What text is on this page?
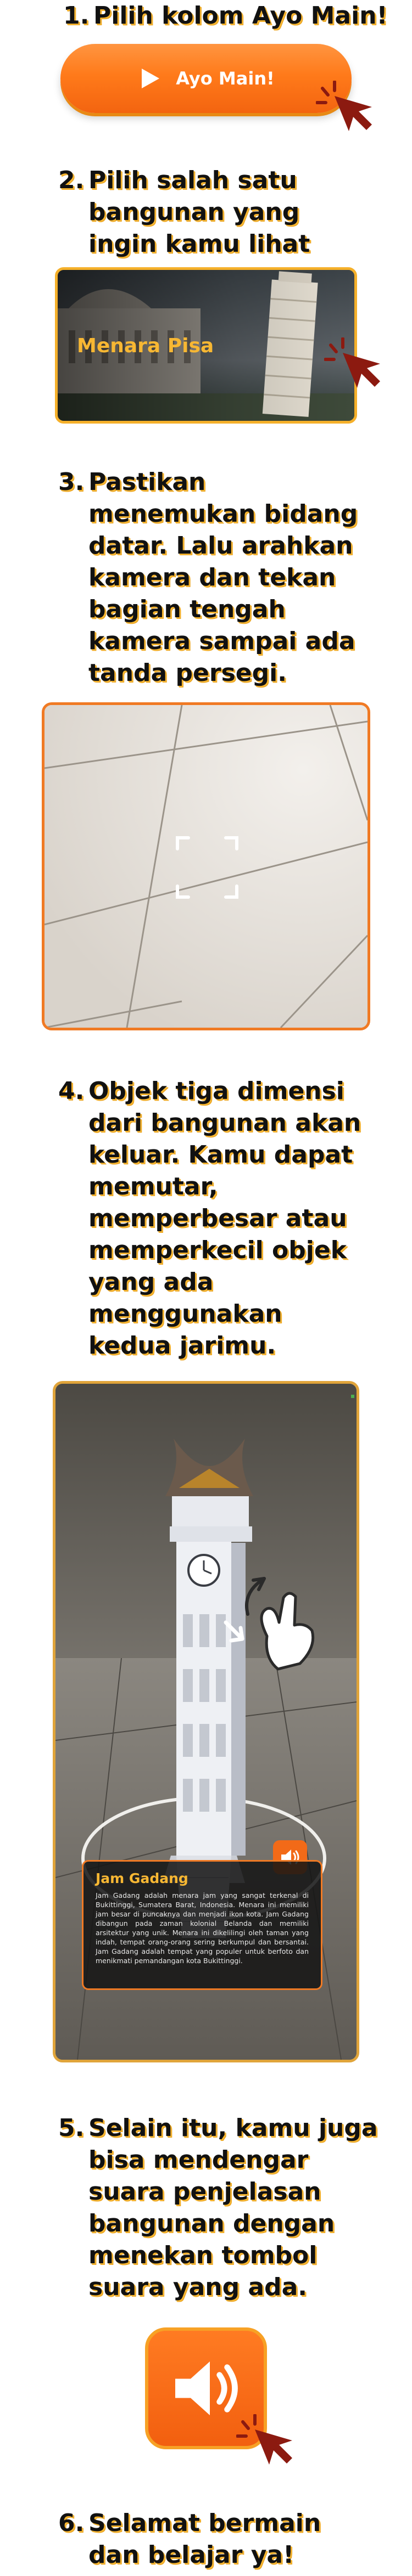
1. Pilih kolom Ayo Main!
Ayo Main!
2. Pilih salah satu
bangunan yang
ingin kamu lihat
Menara Pisa
3. Pastikan
menemukan bidang
datar. Lalu arahkan
kamera dan tekan
bagian tengah
kamera sampai ada
tanda persegi.
4. Objek tiga dimensi
dari bangunan akan
keluar. Kamu dapat
memutar,
memperbesar atau
memperkecil objek
yang ada
menggunakan
kedua jarimu.
Jam Gadang
Jam Gadang adalah menara jam yang sangat terkenal di Bukittinggi, Sumatera Barat, Indonesia. Menara ini memiliki jam besar di puncaknya dan menjadi ikon kota. Jam Gadang dibangun pada zaman kolonial Belanda dan memiliki arsitektur yang unik. Menara ini dikelilingi oleh taman yang indah, tempat orang-orang sering berkumpul dan bersantai. Jam Gadang adalah tempat yang populer untuk berfoto dan menikmati pemandangan kota Bukittinggi.
5. Selain itu, kamu juga
bisa mendengar
suara penjelasan
bangunan dengan
menekan tombol
suara yang ada.
6. Selamat bermain
dan belajar ya!
